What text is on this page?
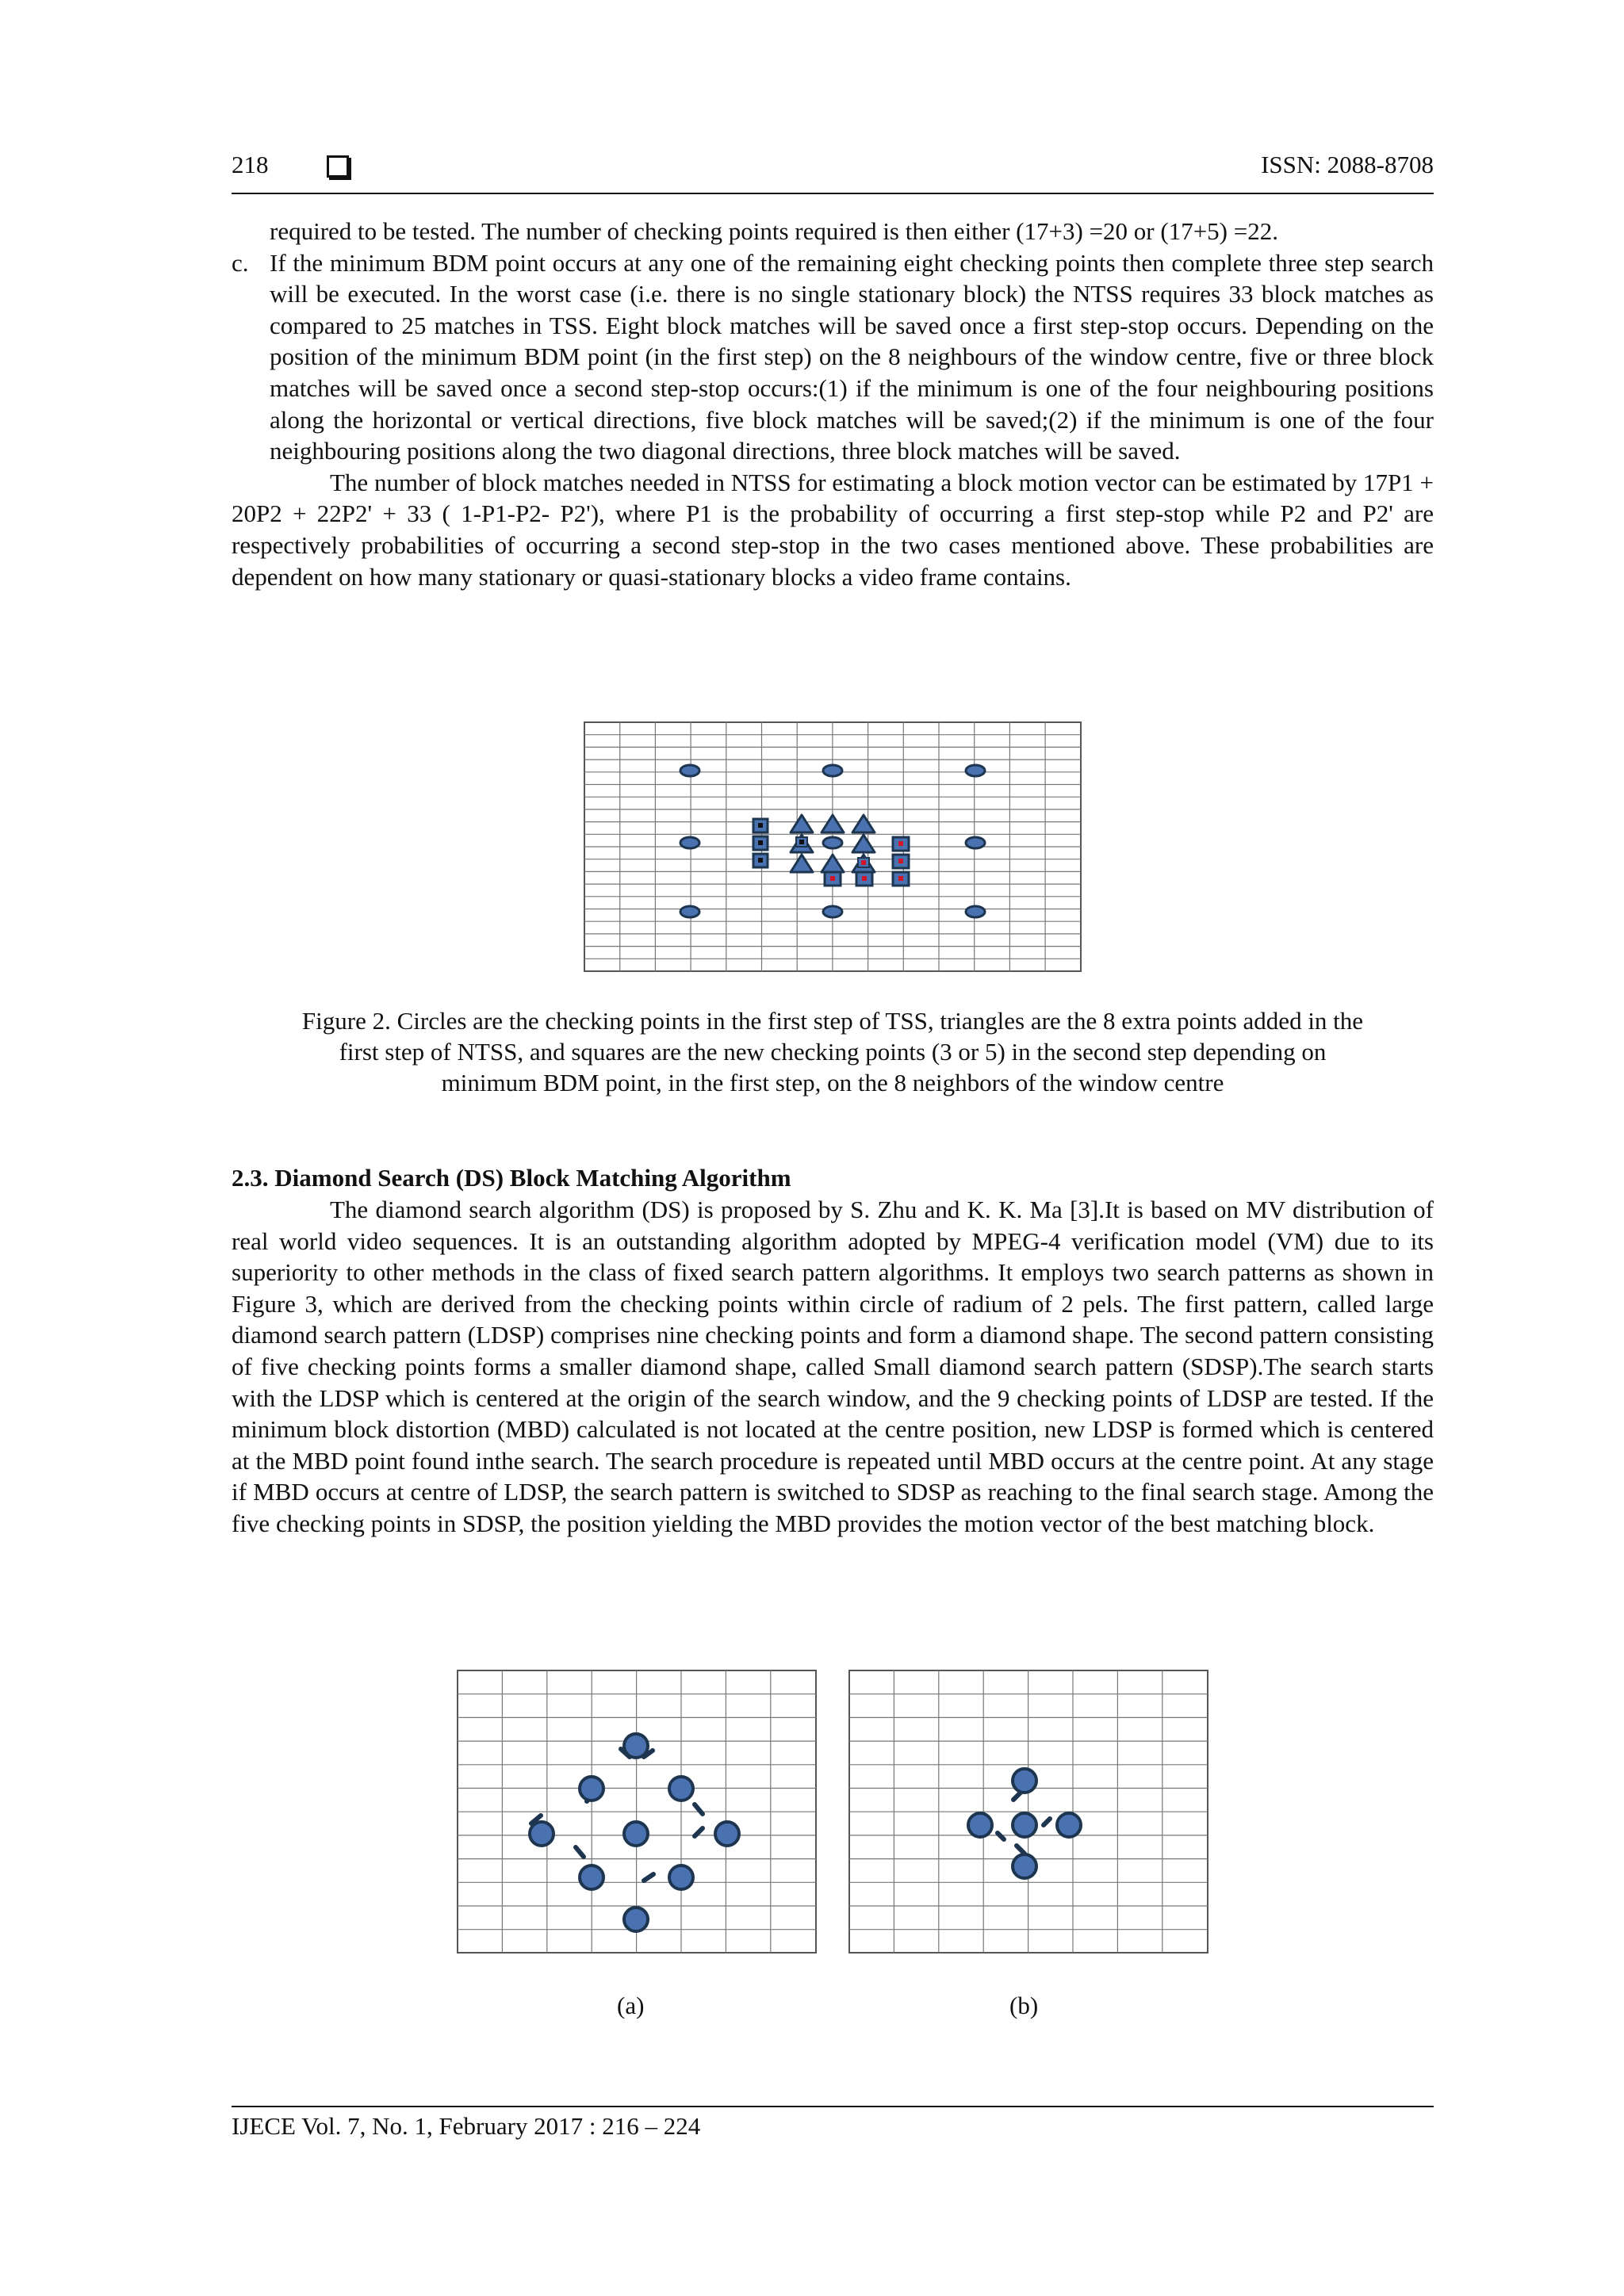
218	ISSN: 2088-8708

required to be tested. The number of checking points required is then either (17+3) =20 or (17+5) =22.

c. If the minimum BDM point occurs at any one of the remaining eight checking points then complete three step search will be executed. In the worst case (i.e. there is no single stationary block) the NTSS requires 33 block matches as compared to 25 matches in TSS. Eight block matches will be saved once a first step-stop occurs. Depending on the position of the minimum BDM point (in the first step) on the 8 neighbours of the window centre, five or three block matches will be saved once a second step-stop occurs:(1) if the minimum is one of the four neighbouring positions along the horizontal or vertical directions, five block matches will be saved;(2) if the minimum is one of the four neighbouring positions along the two diagonal directions, three block matches will be saved.

The number of block matches needed in NTSS for estimating a block motion vector can be estimated by 17P1 + 20P2 + 22P2' + 33 ( 1-P1-P2- P2'), where P1 is the probability of occurring a first step-stop while P2 and P2' are respectively probabilities of occurring a second step-stop in the two cases mentioned above. These probabilities are dependent on how many stationary or quasi-stationary blocks a video frame contains.

Figure 2. Circles are the checking points in the first step of TSS, triangles are the 8 extra points added in the
first step of NTSS, and squares are the new checking points (3 or 5) in the second step depending on
minimum BDM point, in the first step, on the 8 neighbors of the window centre
2.3. Diamond Search (DS) Block Matching Algorithm

The diamond search algorithm (DS) is proposed by S. Zhu and K. K. Ma [3].It is based on MV distribution of real world video sequences. It is an outstanding algorithm adopted by MPEG-4 verification model (VM) due to its superiority to other methods in the class of fixed search pattern algorithms. It employs two search patterns as shown in Figure 3, which are derived from the checking points within circle of radium of 2 pels. The first pattern, called large diamond search pattern (LDSP) comprises nine checking points and form a diamond shape. The second pattern consisting of five checking points forms a smaller diamond shape, called Small diamond search pattern (SDSP).The search starts with the LDSP which is centered at the origin of the search window, and the 9 checking points of LDSP are tested. If the minimum block distortion (MBD) calculated is not located at the centre position, new LDSP is formed which is centered at the MBD point found inthe search. The search procedure is repeated until MBD occurs at the centre point. At any stage if MBD occurs at centre of LDSP, the search pattern is switched to SDSP as reaching to the final search stage. Among the five checking points in SDSP, the position yielding the MBD provides the motion vector of the best matching block.

(a)	(b)
IJECE Vol. 7, No. 1, February 2017 : 216 – 224
